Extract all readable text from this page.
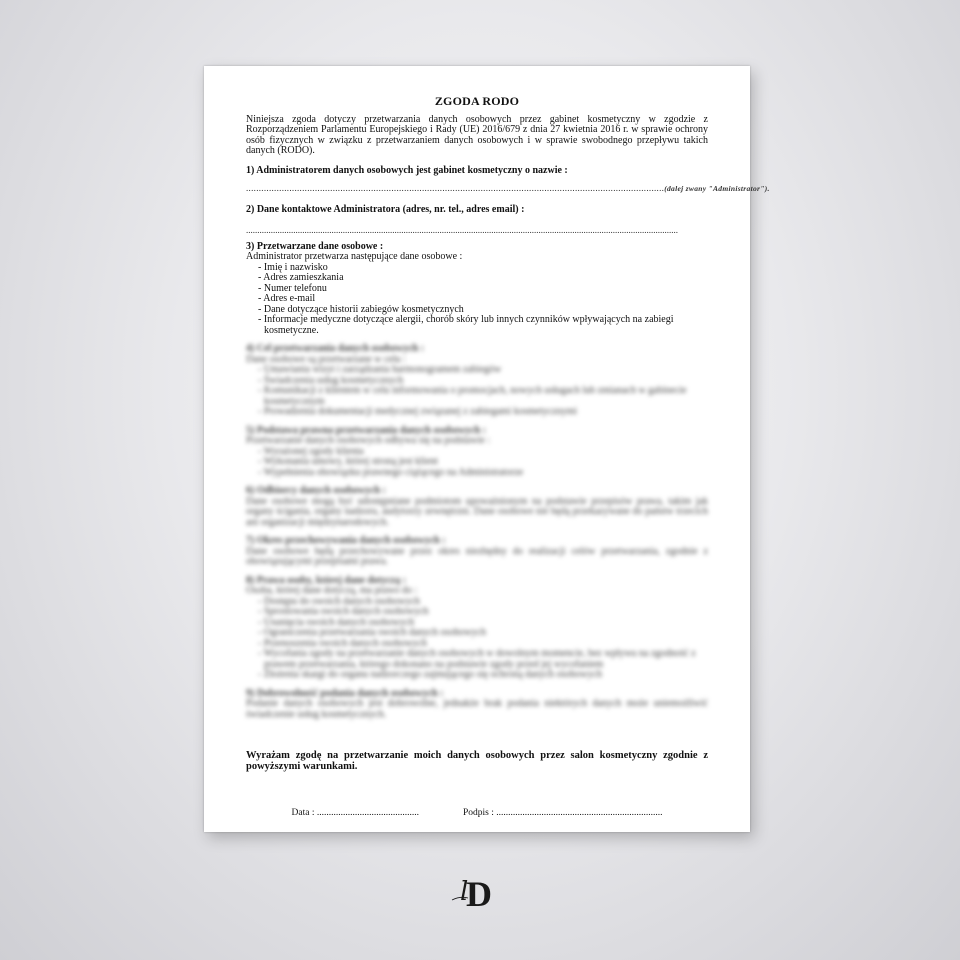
ZGODA RODO
Niniejsza zgoda dotyczy przetwarzania danych osobowych przez gabinet kosmetyczny w zgodzie z Rozporządzeniem Parlamentu Europejskiego i Rady (UE) 2016/679 z dnia 27 kwietnia 2016 r. w sprawie ochrony osób fizycznych w związku z przetwarzaniem danych osobowych i w sprawie swobodnego przepływu takich danych (RODO).
1) Administratorem danych osobowych jest gabinet kosmetyczny o nazwie :
....................................................................................................................................................................(dalej zwany "Administrator").
2) Dane kontaktowe Administratora (adres, nr. tel., adres email) :
................................................................................................................................................................................................
3) Przetwarzane dane osobowe :
Administrator przetwarza następujące dane osobowe :
- Imię i nazwisko
- Adres zamieszkania
- Numer telefonu
- Adres e-mail
- Dane dotyczące historii zabiegów kosmetycznych
- Informacje medyczne dotyczące alergii, chorób skóry lub innych czynników wpływających na zabiegi kosmetyczne.
4) Cel przetwarzania danych osobowych :
Dane osobowe są przetwarzane w celu :
- Umawiania wizyt i zarządzania harmonogramem zabiegów
- Świadczenia usług kosmetycznych
- Komunikacji z klientem w celu informowania o promocjach, nowych usługach lub zmianach w gabinecie kosmetycznym
- Prowadzenia dokumentacji medycznej związanej z zabiegami kosmetycznymi
5) Podstawa prawna przetwarzania danych osobowych :
Przetwarzanie danych osobowych odbywa się na podstawie :
- Wyrażonej zgody klienta
- Wykonania umowy, której stroną jest klient
- Wypełnienia obowiązku prawnego ciążącego na Administratorze
6) Odbiorcy danych osobowych :

Dane osobowe mogą być udostępniane podmiotom upoważnionym na podstawie przepisów prawa, takim jak organy ścigania, organy nadzoru, audytorzy zewnętrzni. Dane osobowe nie będą przekazywane do państw trzecich ani organizacji międzynarodowych.

7) Okres przechowywania danych osobowych :

Dane osobowe będą przechowywane przez okres niezbędny do realizacji celów przetwarzania, zgodnie z obowiązującymi przepisami prawa.

8) Prawa osoby, której dane dotyczą :
Osoba, której dane dotyczą, ma prawo do :
- Dostępu do swoich danych osobowych
- Sprostowania swoich danych osobowych
- Usunięcia swoich danych osobowych
- Ograniczenia przetwarzania swoich danych osobowych
- Przenoszenia swoich danych osobowych
- Wycofania zgody na przetwarzanie danych osobowych w dowolnym momencie, bez wpływu na zgodność z prawem przetwarzania, którego dokonano na podstawie zgody przed jej wycofaniem
- Złożenia skargi do organu nadzorczego zajmującego się ochroną danych osobowych
9) Dobrowolność podania danych osobowych :

Podanie danych osobowych jest dobrowolne, jednakże brak podania niektórych danych może uniemożliwić świadczenie usług kosmetycznych.

Wyrażam zgodę na przetwarzanie moich danych osobowych przez salon kosmetyczny zgodnie z powyższymi warunkami.
Data : ...........................................	Podpis : ......................................................................
D
l
